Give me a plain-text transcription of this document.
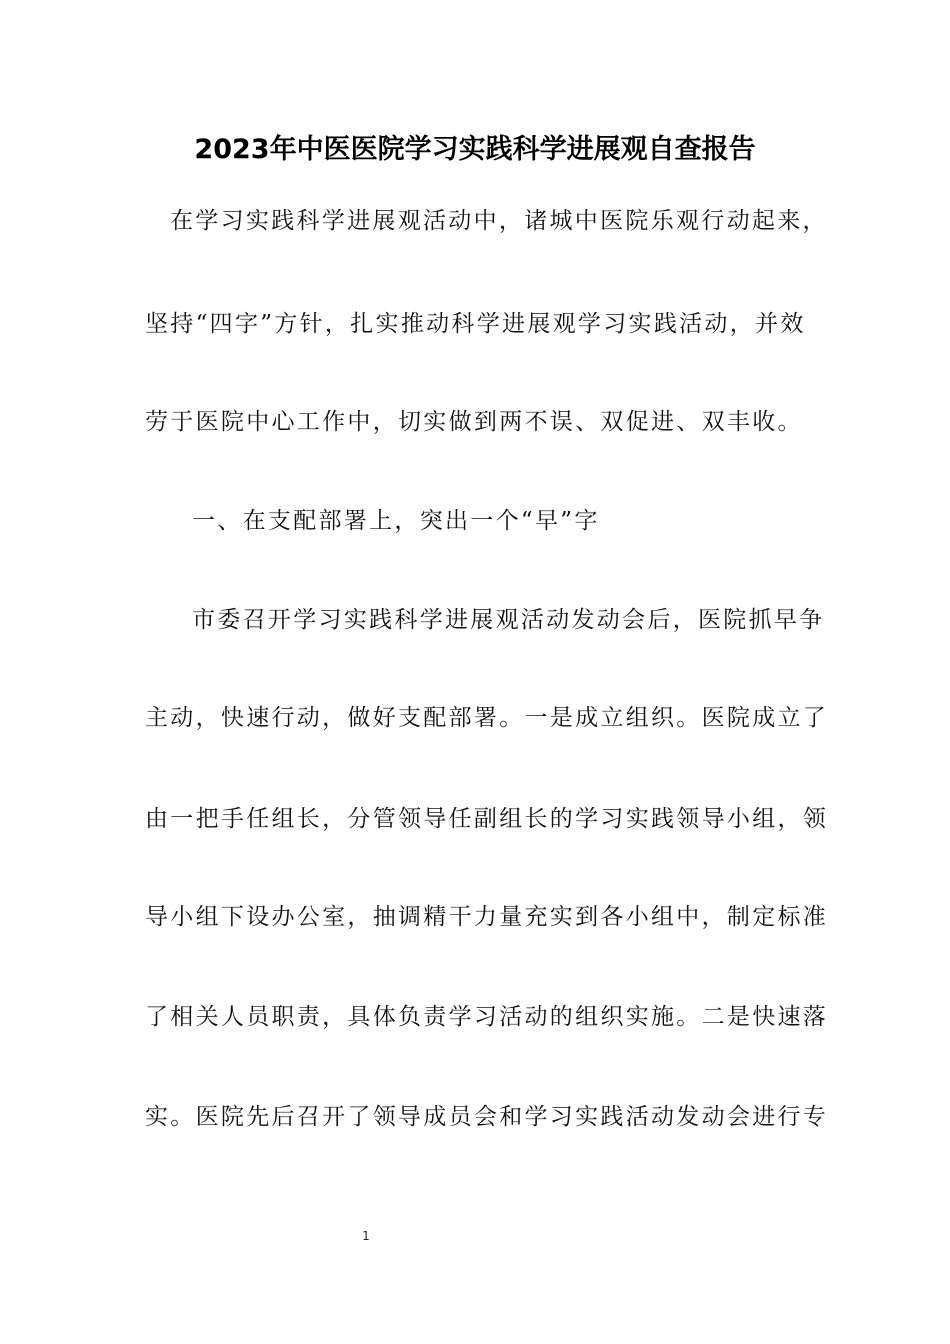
2023年中医医院学习实践科学进展观自查报告
在学习实践科学进展观活动中，诸城中医院乐观行动起来，
坚持“四字”方针，扎实推动科学进展观学习实践活动，并效
劳于医院中心工作中，切实做到两不误、双促进、双丰收。
一、在支配部署上，突出一个“早”字
市委召开学习实践科学进展观活动发动会后，医院抓早争
主动，快速行动，做好支配部署。一是成立组织。医院成立了
由一把手任组长，分管领导任副组长的学习实践领导小组，领
导小组下设办公室，抽调精干力量充实到各小组中，制定标准
了相关人员职责，具体负责学习活动的组织实施。二是快速落
实。医院先后召开了领导成员会和学习实践活动发动会进行专
1
